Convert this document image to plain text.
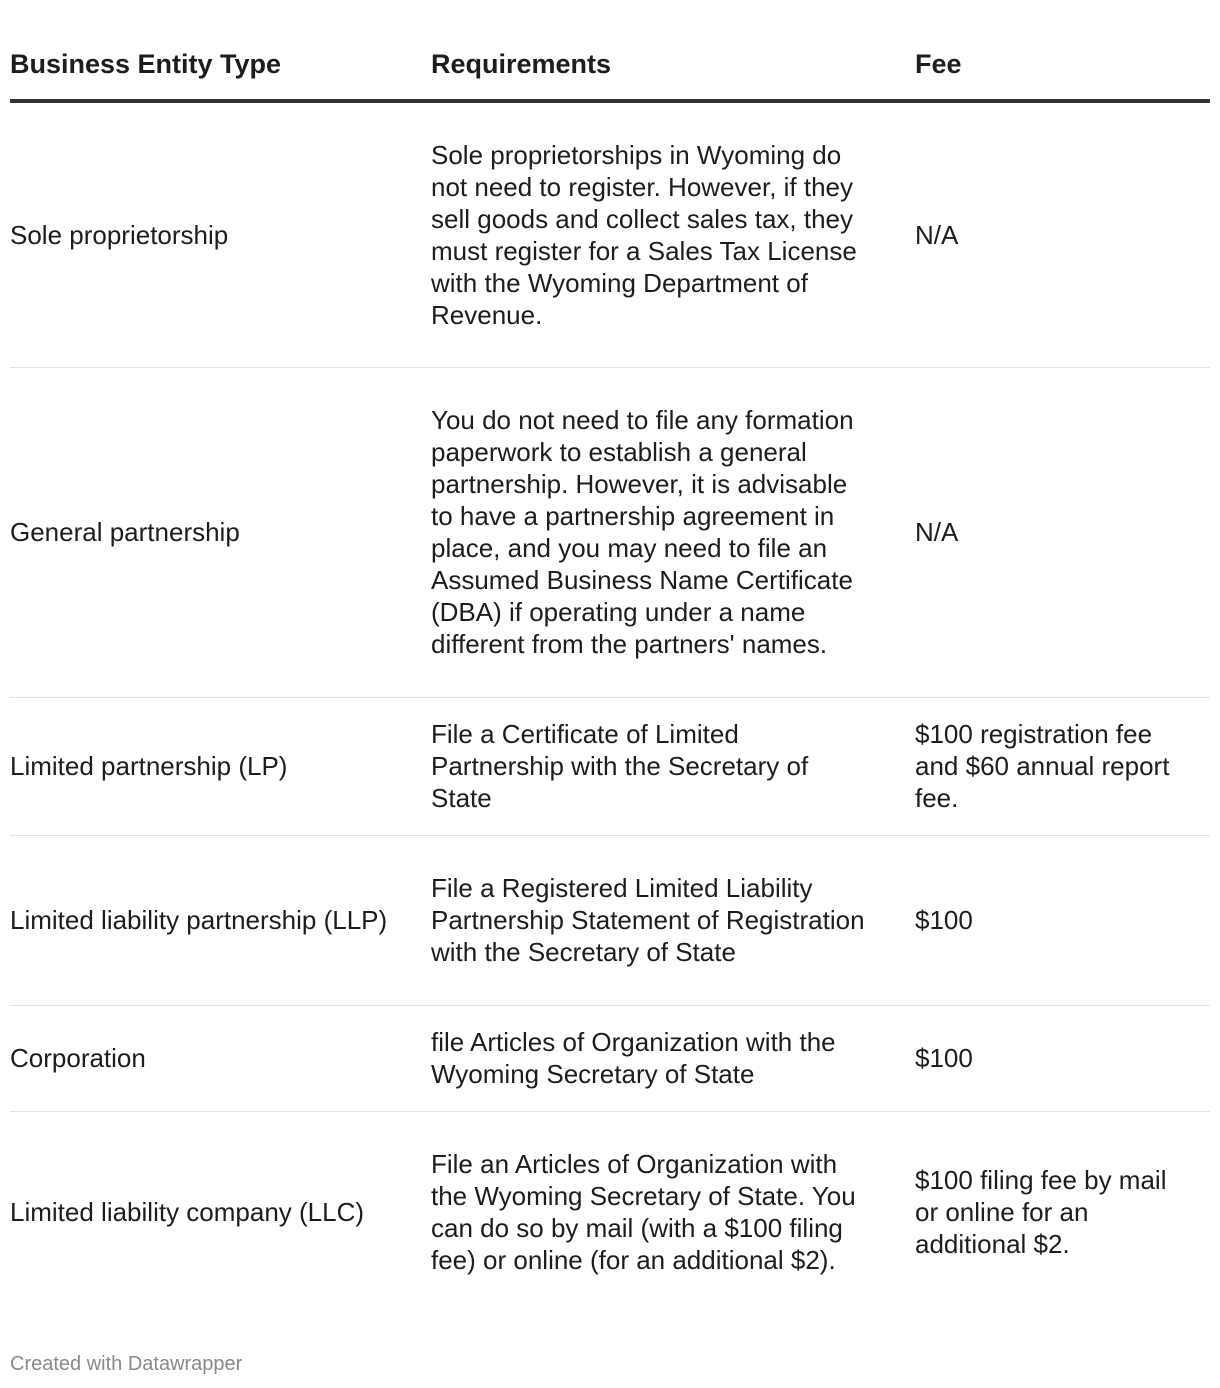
Business Entity Type	Requirements	Fee

Sole proprietorship	Sole proprietorships in Wyoming do not need to register. However, if they sell goods and collect sales tax, they must register for a Sales Tax License with the Wyoming Department of Revenue.	N/A

General partnership	You do not need to file any formation paperwork to establish a general partnership. However, it is advisable to have a partnership agreement in place, and you may need to file an Assumed Business Name Certificate (DBA) if operating under a name different from the partners' names.	N/A

Limited partnership (LP)	File a Certificate of Limited Partnership with the Secretary of State	$100 registration fee and $60 annual report fee.

Limited liability partnership (LLP)	File a Registered Limited Liability Partnership Statement of Registration with the Secretary of State	$100

Corporation	file Articles of Organization with the Wyoming Secretary of State	$100

Limited liability company (LLC)	File an Articles of Organization with the Wyoming Secretary of State. You can do so by mail (with a $100 filing fee) or online (for an additional $2).	$100 filing fee by mail or online for an additional $2.
Created with Datawrapper
